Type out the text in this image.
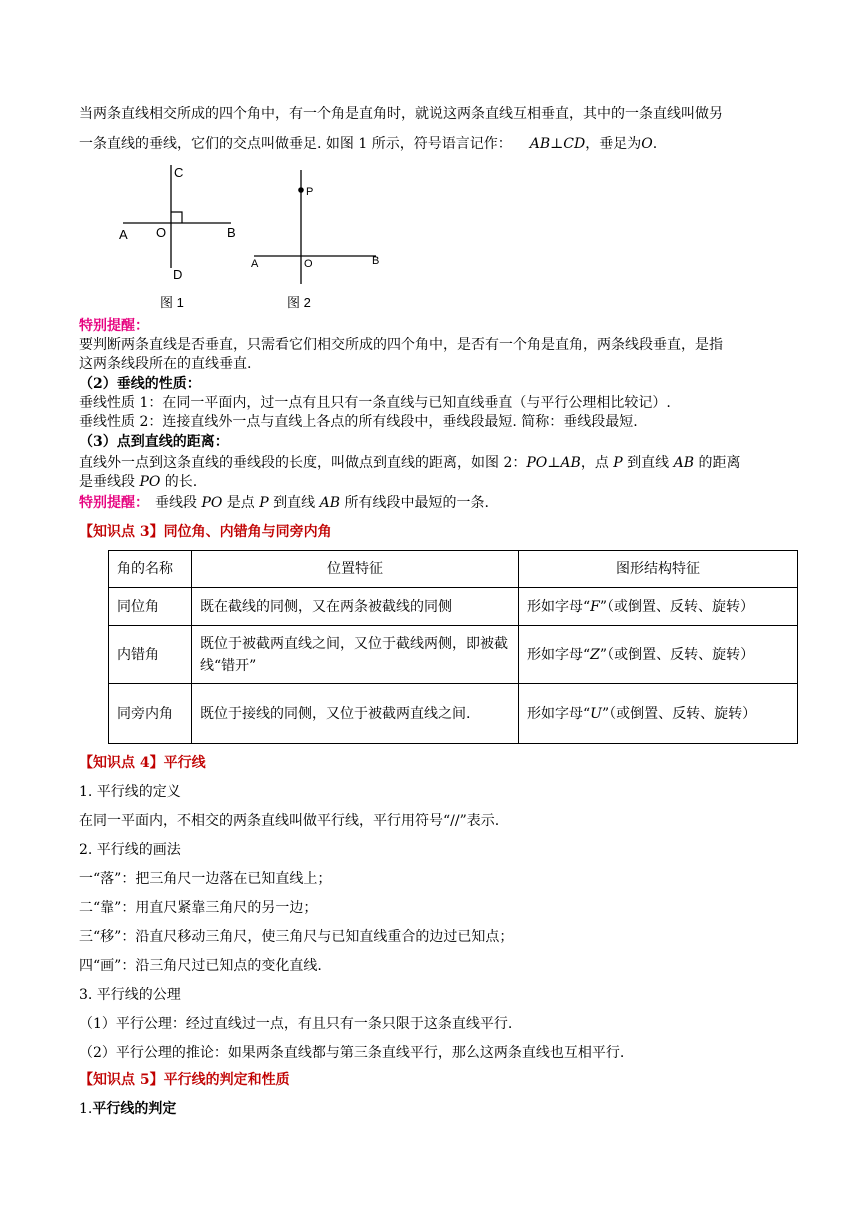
当两条直线相交所成的四个角中，有一个角是直角时，就说这两条直线互相垂直，其中的一条直线叫做另
一条直线的垂线，它们的交点叫做垂足. 如图 1 所示，符号语言记作： AB⊥CD，垂足为O.
C
A O	B
D
图 1
P
A	O	B
图 2
特别提醒：
要判断两条直线是否垂直，只需看它们相交所成的四个角中，是否有一个角是直角，两条线段垂直，是指
这两条线段所在的直线垂直.
（2）垂线的性质：
垂线性质 1：在同一平面内，过一点有且只有一条直线与已知直线垂直（与平行公理相比较记）.
垂线性质 2：连接直线外一点与直线上各点的所有线段中，垂线段最短. 简称：垂线段最短.
（3）点到直线的距离：
直线外一点到这条直线的垂线段的长度，叫做点到直线的距离，如图 2：PO⊥AB，点 P 到直线 AB 的距离
是垂线段 PO 的长.
特别提醒： 垂线段 PO 是点 P 到直线 AB 所有线段中最短的一条.
【知识点 3】同位角、内错角与同旁内角
角的名称	位置特征	图形结构特征
同位角	既在截线的同侧，又在两条被截线的同侧	形如字母“F”（或倒置、反转、旋转）
内错角	既位于被截两直线之间，又位于截线两侧，即被截线“错开”	形如字母“Z”（或倒置、反转、旋转）
同旁内角	既位于接线的同侧，又位于被截两直线之间.	形如字母“U”（或倒置、反转、旋转）
【知识点 4】平行线
1. 平行线的定义
在同一平面内，不相交的两条直线叫做平行线，平行用符号“//”表示.
2. 平行线的画法
一“落”：把三角尺一边落在已知直线上；
二“靠”：用直尺紧靠三角尺的另一边；
三“移”：沿直尺移动三角尺，使三角尺与已知直线重合的边过已知点；
四“画”：沿三角尺过已知点的变化直线.
3. 平行线的公理
（1）平行公理：经过直线过一点，有且只有一条只限于这条直线平行.
（2）平行公理的推论：如果两条直线都与第三条直线平行，那么这两条直线也互相平行.
【知识点 5】平行线的判定和性质
1.平行线的判定
